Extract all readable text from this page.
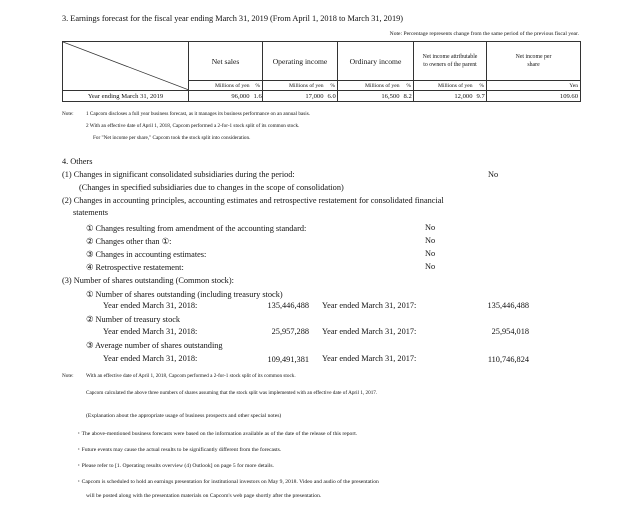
3. Earnings forecast for the fiscal year ending March 31, 2019 (From April 1, 2018 to March 31, 2019)
Note: Percentage represents change from the same period of the previous fiscal year.
	Net sales		Operating income		Ordinary income		Net income attributable
to owners of the parent		Net income per
share
	Millions of yen	%	Millions of yen	%	Millions of yen	%	Millions of yen	%	Yen
Year ending March 31, 2019	96,000	1.6	17,000	6.0	16,500	8.2	12,000	9.7	109.60
Note: 1 Capcom discloses a full year business forecast, as it manages its business performance on an annual basis.
2 With an effective date of April 1, 2018, Capcom performed a 2-for-1 stock split of its common stock.
For "Net income per share," Capcom took the stock split into consideration.
4. Others
(1) Changes in significant consolidated subsidiaries during the period:	No
(Changes in specified subsidiaries due to changes in the scope of consolidation)
(2) Changes in accounting principles, accounting estimates and retrospective restatement for consolidated financial
statements
① Changes resulting from amendment of the accounting standard:	No
② Changes other than ①:	No
③ Changes in accounting estimates:	No
④ Retrospective restatement:	No
(3) Number of shares outstanding (Common stock):
① Number of shares outstanding (including treasury stock)
Year ended March 31, 2018:	135,446,488 Year ended March 31, 2017:	135,446,488
② Number of treasury stock
Year ended March 31, 2018:	25,957,288 Year ended March 31, 2017:	25,954,018
③ Average number of shares outstanding
Year ended March 31, 2018:	109,491,381 Year ended March 31, 2017:	110,746,824
Note: With an effective date of April 1, 2018, Capcom performed a 2-for-1 stock split of its common stock.
Capcom calculated the above three numbers of shares assuming that the stock split was implemented with an effective date of April 1, 2017.
(Explanation about the appropriate usage of business prospects and other special notes)
・The above-mentioned business forecasts were based on the information available as of the date of the release of this report.
・Future events may cause the actual results to be significantly different from the forecasts.
・Please refer to [1. Operating results overview (4) Outlook] on page 5 for more details.
・Capcom is scheduled to hold an earnings presentation for institutional investors on May 9, 2018. Video and audio of the presentation
will be posted along with the presentation materials on Capcom's web page shortly after the presentation.
